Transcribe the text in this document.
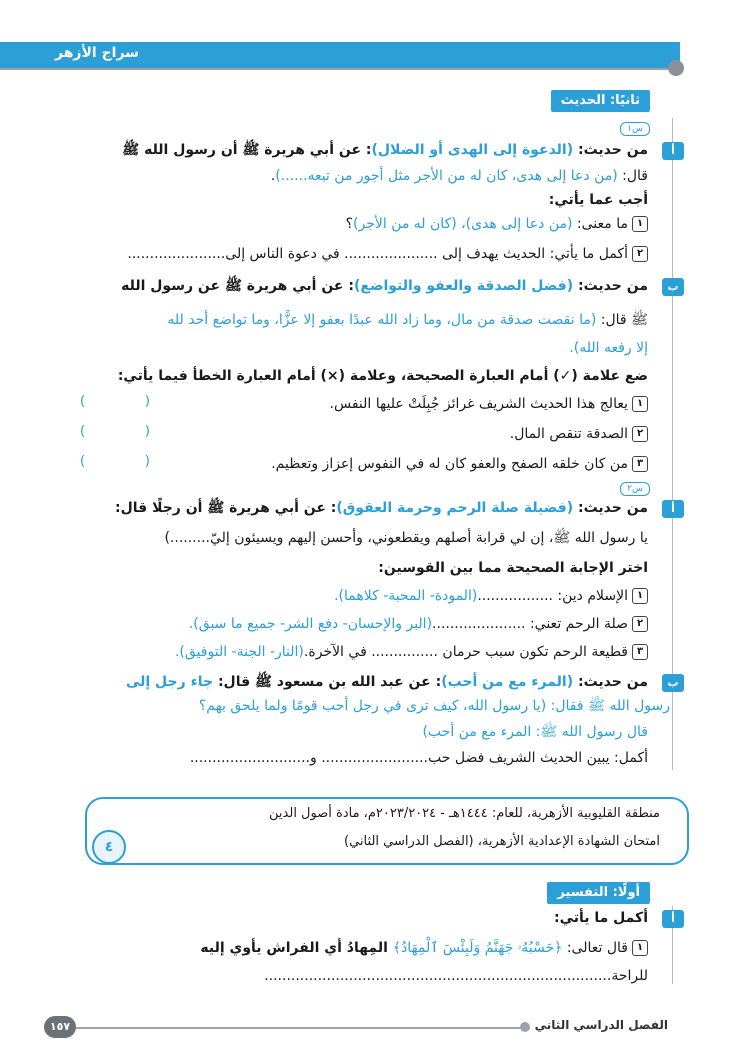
سراج الأزهر
ثانيًا: الحديث
س١
أ
من حديث: (الدعوة إلى الهدى أو الضلال): عن أبي هريرة ﷺ أن رسول الله ﷺ
قال: (من دعا إلى هدى، كان له من الأجر مثل أجور من تبعه......).
أجب عما يأتي:
١ما معنى: (من دعا إلى هدى)، (كان له من الأجر)؟
٢أكمل ما يأتي: الحديث يهدف إلى ..................... في دعوة الناس إلى......................
ب
من حديث: (فضل الصدقة والعفو والتواضع): عن أبي هريرة ﷺ عن رسول الله
ﷺ قال: (ما نقصت صدقة من مال، وما زاد الله عبدًا بعفو إلا عزًّا، وما تواضع أحد لله
إلا رفعه الله).
ضع علامة (✓) أمام العبارة الصحيحة، وعلامة (×) أمام العبارة الخطأ فيما يأتي:
١يعالج هذا الحديث الشريف غرائز جُبِلَتْ عليها النفس.
(	)
٢الصدقة تنقص المال.
(	)
٣من كان خلقه الصفح والعفو كان له في النفوس إعزاز وتعظيم.
(	)
س٢
أ
من حديث: (فضيلة صلة الرحم وحرمة العقوق): عن أبي هريرة ﷺ أن رجلًا قال:
يا رسول الله ﷺ، إن لي قرابة أصلهم ويقطعوني، وأحسن إليهم ويسيئون إليّ.........)
اختر الإجابة الصحيحة مما بين القوسين:
١الإسلام دين: .................(المودة- المحبة- كلاهما).
٢صلة الرحم تعني: .....................(البر والإحسان- دفع الشر- جميع ما سبق).
٣قطيعة الرحم تكون سبب حرمان ............... في الآخرة.(النار- الجنة- التوفيق).
ب
من حديث: (المرء مع من أحب): عن عبد الله بن مسعود ﷺ قال: جاء رجل إلى
رسول الله ﷺ فقال: (يا رسول الله، كيف ترى في رجل أحب قومًا ولما يلحق بهم؟
قال رسول الله ﷺ: المرء مع من أحب)
أكمل: يبين الحديث الشريف فضل حب........................ و...........................
منطقة القليوبية الأزهرية، للعام: ١٤٤٤هـ - ٢٠٢٣/٢٠٢٤م، مادة أصول الدين
امتحان الشهادة الإعدادية الأزهرية، (الفصل الدراسي الثاني)
٤
أولًا: التفسير
أ
أكمل ما يأتي:
١قال تعالى: ﴿حَسْبُهُۥ جَهَنَّمُ وَلَبِئْسَ ٱلْمِهَادُ﴾ المِهادُ أي الفراش يأوي إليه
للراحة..............................................................................
١٥٧	الفصل الدراسي الثاني
